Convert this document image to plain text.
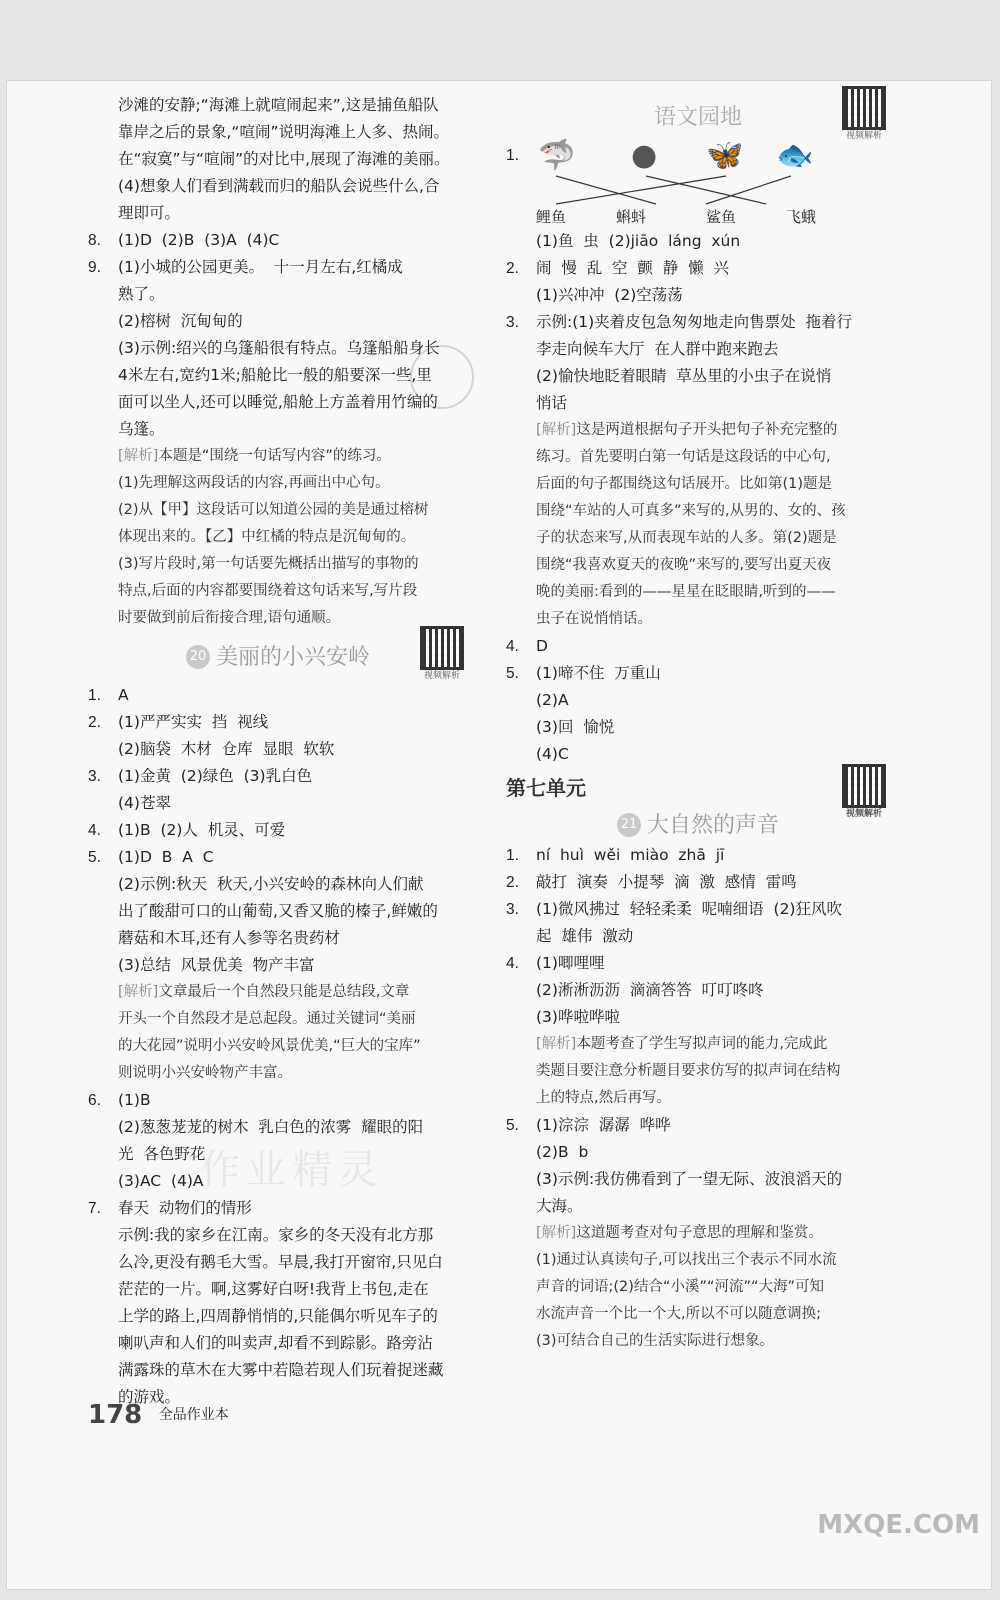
沙滩的安静;“海滩上就喧闹起来”,这是捕鱼船队
靠岸之后的景象,“喧闹”说明海滩上人多、热闹。
在“寂寞”与“喧闹”的对比中,展现了海滩的美丽。
(4)想象人们看到满载而归的船队会说些什么,合
理即可。
8. (1)D  (2)B  (3)A  (4)C
9. (1)小城的公园更美。  十一月左右,红橘成
熟了。
(2)榕树  沉甸甸的
(3)示例:绍兴的乌篷船很有特点。乌篷船船身长
4米左右,宽约1米;船舱比一般的船要深一些,里
面可以坐人,还可以睡觉,船舱上方盖着用竹编的
乌篷。
[解析]本题是“围绕一句话写内容”的练习。
(1)先理解这两段话的内容,再画出中心句。
(2)从【甲】这段话可以知道公园的美是通过榕树
体现出来的。【乙】中红橘的特点是沉甸甸的。
(3)写片段时,第一句话要先概括出描写的事物的
特点,后面的内容都要围绕着这句话来写,写片段
时要做到前后衔接合理,语句通顺。
20 美丽的小兴安岭
视频解析
1. A
2. (1)严严实实  挡  视线
(2)脑袋  木材  仓库  显眼  软软
3. (1)金黄  (2)绿色  (3)乳白色
(4)苍翠
4. (1)B  (2)人  机灵、可爱
5. (1)D  B  A  C
(2)示例:秋天  秋天,小兴安岭的森林向人们献
出了酸甜可口的山葡萄,又香又脆的榛子,鲜嫩的
蘑菇和木耳,还有人参等名贵药材
(3)总结  风景优美  物产丰富
[解析]文章最后一个自然段只能是总结段,文章
开头一个自然段才是总起段。通过关键词“美丽
的大花园”说明小兴安岭风景优美,“巨大的宝库”
则说明小兴安岭物产丰富。
6. (1)B
(2)葱葱茏茏的树木  乳白色的浓雾  耀眼的阳
光  各色野花
(3)AC  (4)A
7. 春天  动物们的情形
示例:我的家乡在江南。家乡的冬天没有北方那
么冷,更没有鹅毛大雪。早晨,我打开窗帘,只见白
茫茫的一片。啊,这雾好白呀!我背上书包,走在
上学的路上,四周静悄悄的,只能偶尔听见车子的
喇叭声和人们的叫卖声,却看不到踪影。路旁沾
满露珠的草木在大雾中若隐若现人们玩着捉迷藏
的游戏。
语文园地
视频解析
1. 🦈 ● 🦋 🐟
鲤鱼	蝌蚪	鲨鱼	飞蛾
(1)鱼  虫  (2)jiāo  láng  xún
2. 闹  慢  乱  空  颤  静  懒  兴
(1)兴冲冲  (2)空荡荡
3. 示例:(1)夹着皮包急匆匆地走向售票处  拖着行
李走向候车大厅  在人群中跑来跑去
(2)愉快地眨着眼睛  草丛里的小虫子在说悄
悄话
[解析]这是两道根据句子开头把句子补充完整的
练习。首先要明白第一句话是这段话的中心句,
后面的句子都围绕这句话展开。比如第(1)题是
围绕“车站的人可真多”来写的,从男的、女的、孩
子的状态来写,从而表现车站的人多。第(2)题是
围绕“我喜欢夏天的夜晚”来写的,要写出夏天夜
晚的美丽:看到的——星星在眨眼睛,听到的——
虫子在说悄悄话。
4. D
5. (1)啼不住  万重山
(2)A
(3)回  愉悦
(4)C
第七单元
视频解析
21 大自然的声音
1. ní  huì  wěi  miào  zhā  jī
2. 敲打  演奏  小提琴  滴  激  感情  雷鸣
3. (1)微风拂过  轻轻柔柔  呢喃细语  (2)狂风吹
起  雄伟  激动
4. (1)唧哩哩
(2)淅淅沥沥  滴滴答答  叮叮咚咚
(3)哗啦哗啦
[解析]本题考查了学生写拟声词的能力,完成此
类题目要注意分析题目要求仿写的拟声词在结构
上的特点,然后再写。
5. (1)淙淙  潺潺  哗哗
(2)B  b
(3)示例:我仿佛看到了一望无际、波浪滔天的
大海。
[解析]这道题考查对句子意思的理解和鉴赏。
(1)通过认真读句子,可以找出三个表示不同水流
声音的词语;(2)结合“小溪”“河流”“大海”可知
水流声音一个比一个大,所以不可以随意调换;
(3)可结合自己的生活实际进行想象。
作业精灵
178 全品作业本
MXQE.COM
